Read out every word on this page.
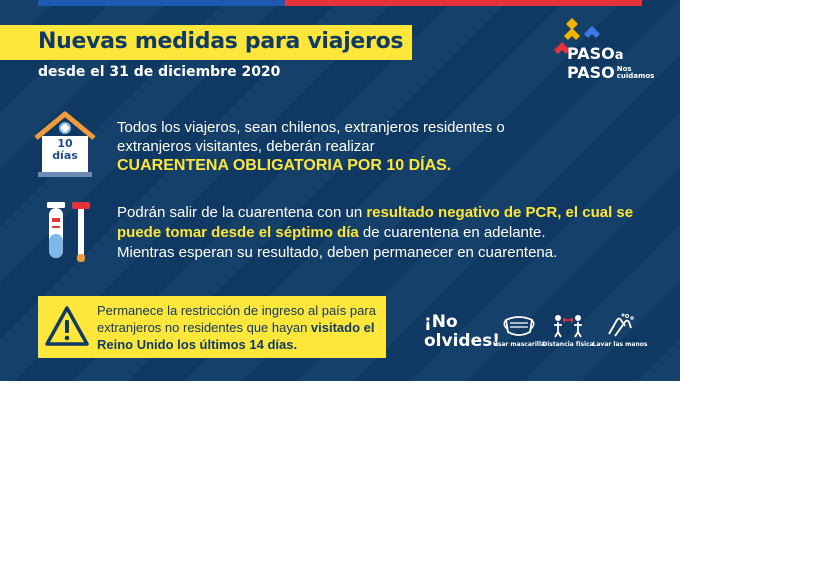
Nuevas medidas para viajeros
desde el 31 de diciembre 2020
PASOa
PASO Nos
cuidamos
10
días
Todos los viajeros, sean chilenos, extranjeros residentes o extranjeros visitantes, deberán realizar
CUARENTENA OBLIGATORIA POR 10 DÍAS.
Podrán salir de la cuarentena con un resultado negativo de PCR, el cual se puede tomar desde el séptimo día de cuarentena en adelante.
Mientras esperan su resultado, deben permanecer en cuarentena.
Permanece la restricción de ingreso al país para extranjeros no residentes que hayan visitado el Reino Unido los últimos 14 días.
¡No
olvides!
Usar mascarilla
Distancia física
Lavar las manos
